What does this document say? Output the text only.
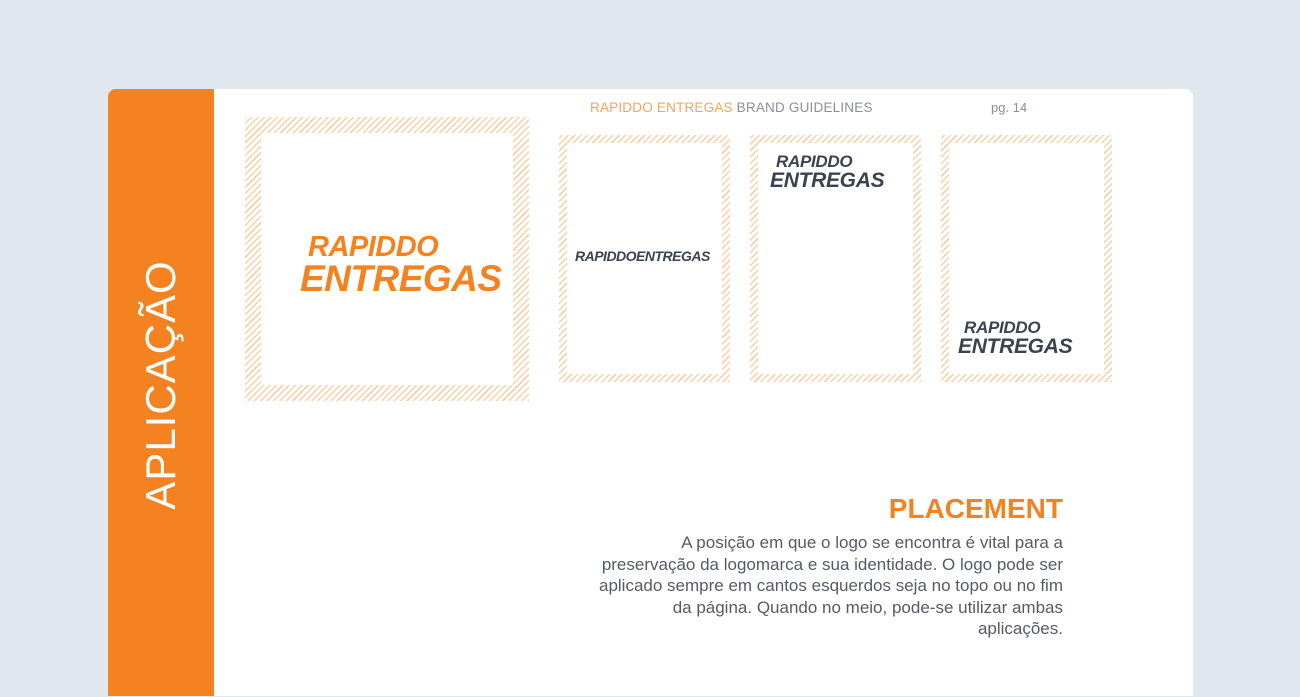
APLICAÇÃO
RAPIDDO ENTREGAS BRAND GUIDELINES	pg. 14
RAPIDDO
ENTREGAS
RAPIDDOENTREGAS
RAPIDDO
ENTREGAS
RAPIDDO
ENTREGAS
PLACEMENT
A posição em que o logo se encontra é vital para a preservação da logomarca e sua identidade. O logo pode ser aplicado sempre em cantos esquerdos seja no topo ou no fim da página. Quando no meio, pode-se utilizar ambas aplicações.
